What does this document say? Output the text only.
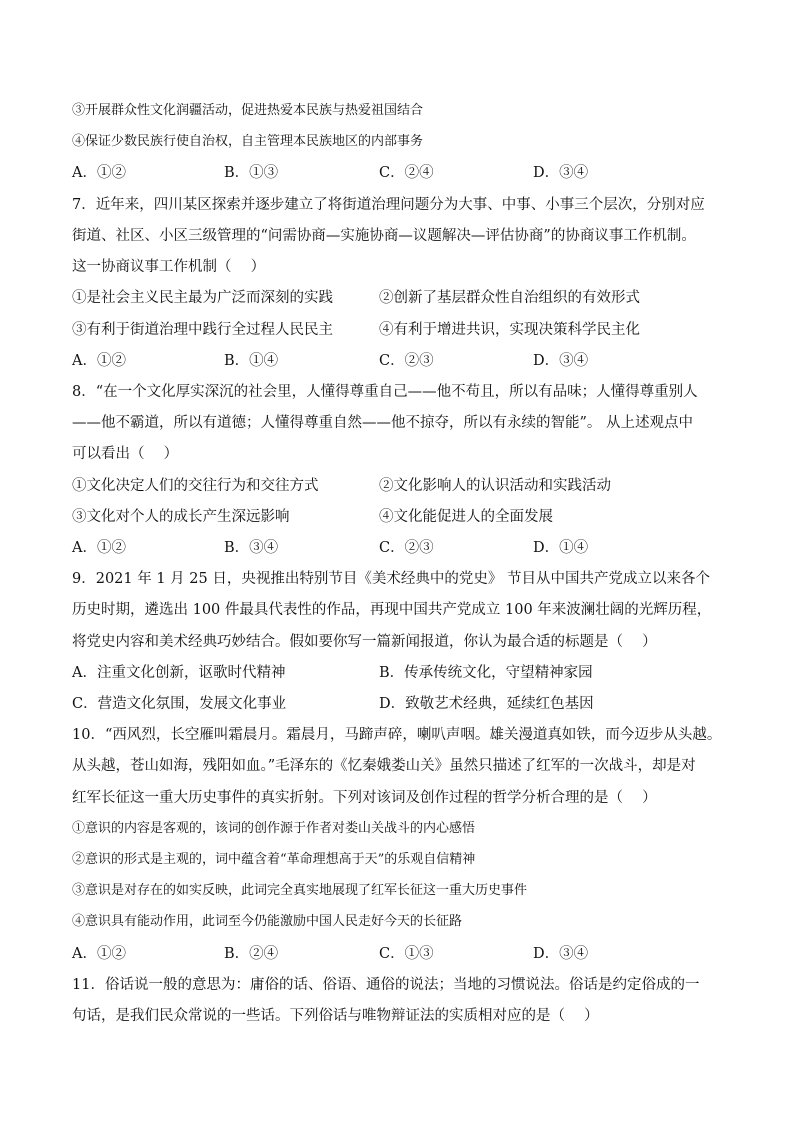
③开展群众性文化润疆活动，促进热爱本民族与热爱祖国结合
④保证少数民族行使自治权，自主管理本民族地区的内部事务
A．①②	B．①③	C．②④	D．③④
7．近年来，四川某区探索并逐步建立了将街道治理问题分为大事、中事、小事三个层次，分别对应
街道、社区、小区三级管理的“问需协商—实施协商—议题解决—评估协商”的协商议事工作机制。
这一协商议事工作机制（　 ）
①是社会主义民主最为广泛而深刻的实践	②创新了基层群众性自治组织的有效形式
③有利于街道治理中践行全过程人民民主	④有利于增进共识，实现决策科学民主化
A．①②	B．①④	C．②③	D．③④
8．“在一个文化厚实深沉的社会里，人懂得尊重自己——他不苟且，所以有品味；人懂得尊重别人
——他不霸道，所以有道德；人懂得尊重自然——他不掠夺，所以有永续的智能”。 从上述观点中
可以看出（　 ）
①文化决定人们的交往行为和交往方式	②文化影响人的认识活动和实践活动
③文化对个人的成长产生深远影响	④文化能促进人的全面发展
A．①②	B．③④	C．②③	D．①④
9．2021 年 1 月 25 日，央视推出特别节目《美术经典中的党史》 节目从中国共产党成立以来各个
历史时期，遴选出 100 件最具代表性的作品，再现中国共产党成立 100 年来波澜壮阔的光辉历程，
将党史内容和美术经典巧妙结合。假如要你写一篇新闻报道，你认为最合适的标题是（　 ）
A．注重文化创新，讴歌时代精神	B．传承传统文化，守望精神家园
C．营造文化氛围，发展文化事业	D．致敬艺术经典，延续红色基因
10．“西风烈，长空雁叫霜晨月。霜晨月，马蹄声碎，喇叭声咽。雄关漫道真如铁，而今迈步从头越。
从头越，苍山如海，残阳如血。”毛泽东的《忆秦娥娄山关》虽然只描述了红军的一次战斗，却是对
红军长征这一重大历史事件的真实折射。下列对该词及创作过程的哲学分析合理的是（　 ）
①意识的内容是客观的，该词的创作源于作者对娄山关战斗的内心感悟
②意识的形式是主观的，词中蕴含着“革命理想高于天”的乐观自信精神
③意识是对存在的如实反映，此词完全真实地展现了红军长征这一重大历史事件
④意识具有能动作用，此词至今仍能激励中国人民走好今天的长征路
A．①②	B．②④	C．①③	D．③④
11．俗话说一般的意思为：庸俗的话、俗语、通俗的说法；当地的习惯说法。俗话是约定俗成的一
句话，是我们民众常说的一些话。下列俗话与唯物辩证法的实质相对应的是（　 ）
